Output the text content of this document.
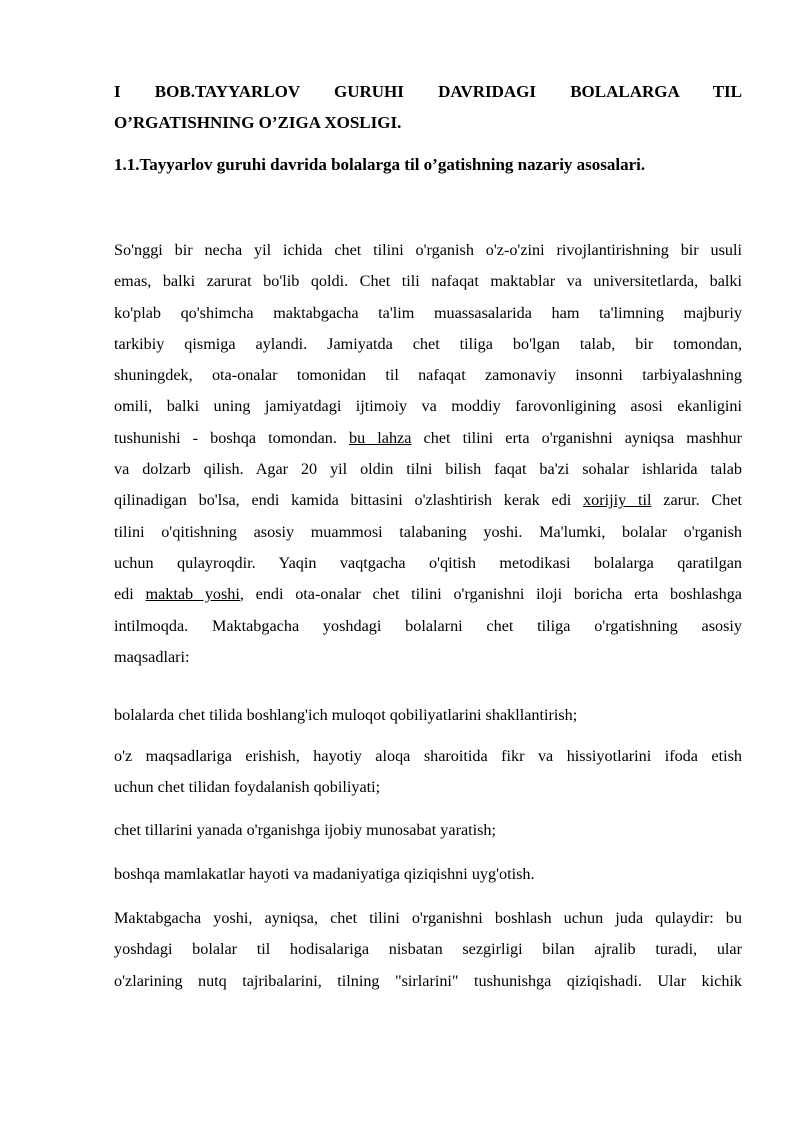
I BOB.TAYYARLOV GURUHI DAVRIDAGI BOLALARGA TIL
O’RGATISHNING O’ZIGA XOSLIGI.
1.1.Tayyarlov guruhi davrida bolalarga til o’gatishning nazariy asosalari.
So'nggi bir necha yil ichida chet tilini o'rganish o'z-o'zini rivojlantirishning bir usuli
emas, balki zarurat bo'lib qoldi. Chet tili nafaqat maktablar va universitetlarda, balki
ko'plab qo'shimcha maktabgacha ta'lim muassasalarida ham ta'limning majburiy
tarkibiy qismiga aylandi. Jamiyatda chet tiliga bo'lgan talab, bir tomondan,
shuningdek, ota-onalar tomonidan til nafaqat zamonaviy insonni tarbiyalashning
omili, balki uning jamiyatdagi ijtimoiy va moddiy farovonligining asosi ekanligini
tushunishi - boshqa tomondan. bu lahza chet tilini erta o'rganishni ayniqsa mashhur
va dolzarb qilish. Agar 20 yil oldin tilni bilish faqat ba'zi sohalar ishlarida talab
qilinadigan bo'lsa, endi kamida bittasini o'zlashtirish kerak edi xorijiy til zarur. Chet
tilini o'qitishning asosiy muammosi talabaning yoshi. Ma'lumki, bolalar o'rganish
uchun qulayroqdir. Yaqin vaqtgacha o'qitish metodikasi bolalarga qaratilgan
edi maktab yoshi, endi ota-onalar chet tilini o'rganishni iloji boricha erta boshlashga
intilmoqda. Maktabgacha yoshdagi bolalarni chet tiliga o'rgatishning asosiy
maqsadlari:
bolalarda chet tilida boshlang'ich muloqot qobiliyatlarini shakllantirish;
o'z maqsadlariga erishish, hayotiy aloqa sharoitida fikr va hissiyotlarini ifoda etish
uchun chet tilidan foydalanish qobiliyati;
chet tillarini yanada o'rganishga ijobiy munosabat yaratish;
boshqa mamlakatlar hayoti va madaniyatiga qiziqishni uyg'otish.
Maktabgacha yoshi, ayniqsa, chet tilini o'rganishni boshlash uchun juda qulaydir: bu
yoshdagi bolalar til hodisalariga nisbatan sezgirligi bilan ajralib turadi, ular
o'zlarining nutq tajribalarini, tilning "sirlarini" tushunishga qiziqishadi. Ular kichik
